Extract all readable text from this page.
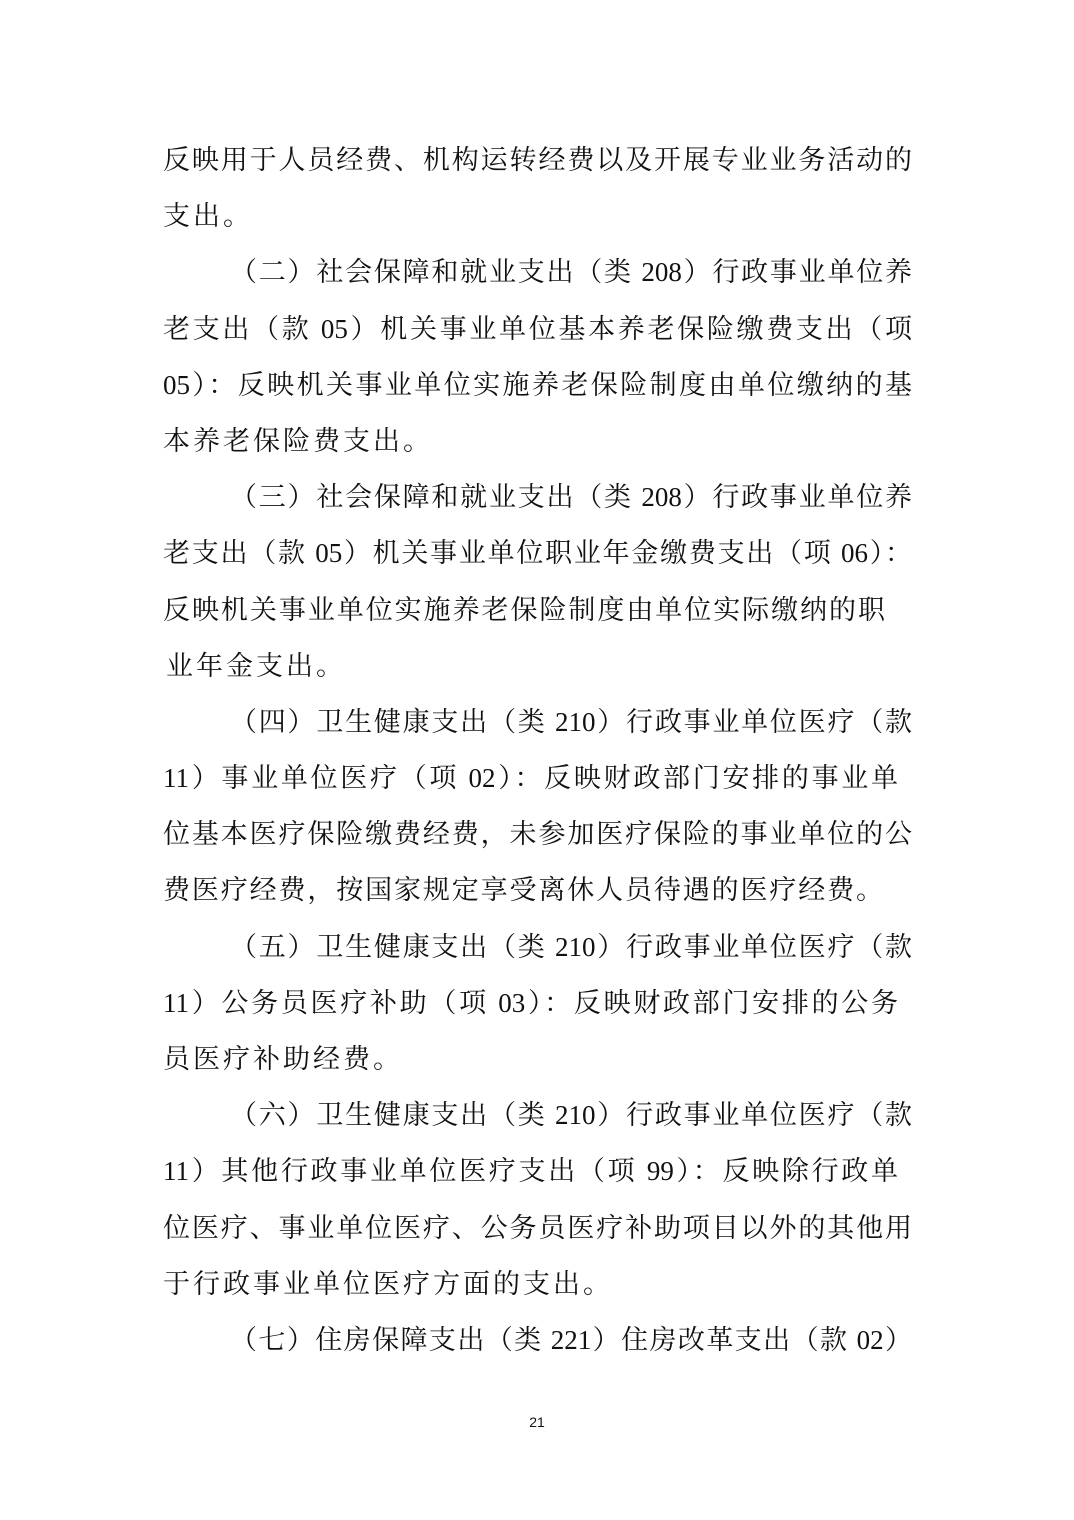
反映用于人员经费、机构运转经费以及开展专业业务活动的
支出。
（二）社会保障和就业支出（类 208）行政事业单位养
老支出（款 05）机关事业单位基本养老保险缴费支出（项
05）：反映机关事业单位实施养老保险制度由单位缴纳的基
本养老保险费支出。
（三）社会保障和就业支出（类 208）行政事业单位养
老支出（款 05）机关事业单位职业年金缴费支出（项 06）：
反映机关事业单位实施养老保险制度由单位实际缴纳的职
业年金支出。
（四）卫生健康支出（类 210）行政事业单位医疗（款
11）事业单位医疗（项 02）：反映财政部门安排的事业单
位基本医疗保险缴费经费，未参加医疗保险的事业单位的公
费医疗经费，按国家规定享受离休人员待遇的医疗经费。
（五）卫生健康支出（类 210）行政事业单位医疗（款
11）公务员医疗补助（项 03）：反映财政部门安排的公务
员医疗补助经费。
（六）卫生健康支出（类 210）行政事业单位医疗（款
11）其他行政事业单位医疗支出（项 99）：反映除行政单
位医疗、事业单位医疗、公务员医疗补助项目以外的其他用
于行政事业单位医疗方面的支出。
（七）住房保障支出（类 221）住房改革支出（款 02）
21
